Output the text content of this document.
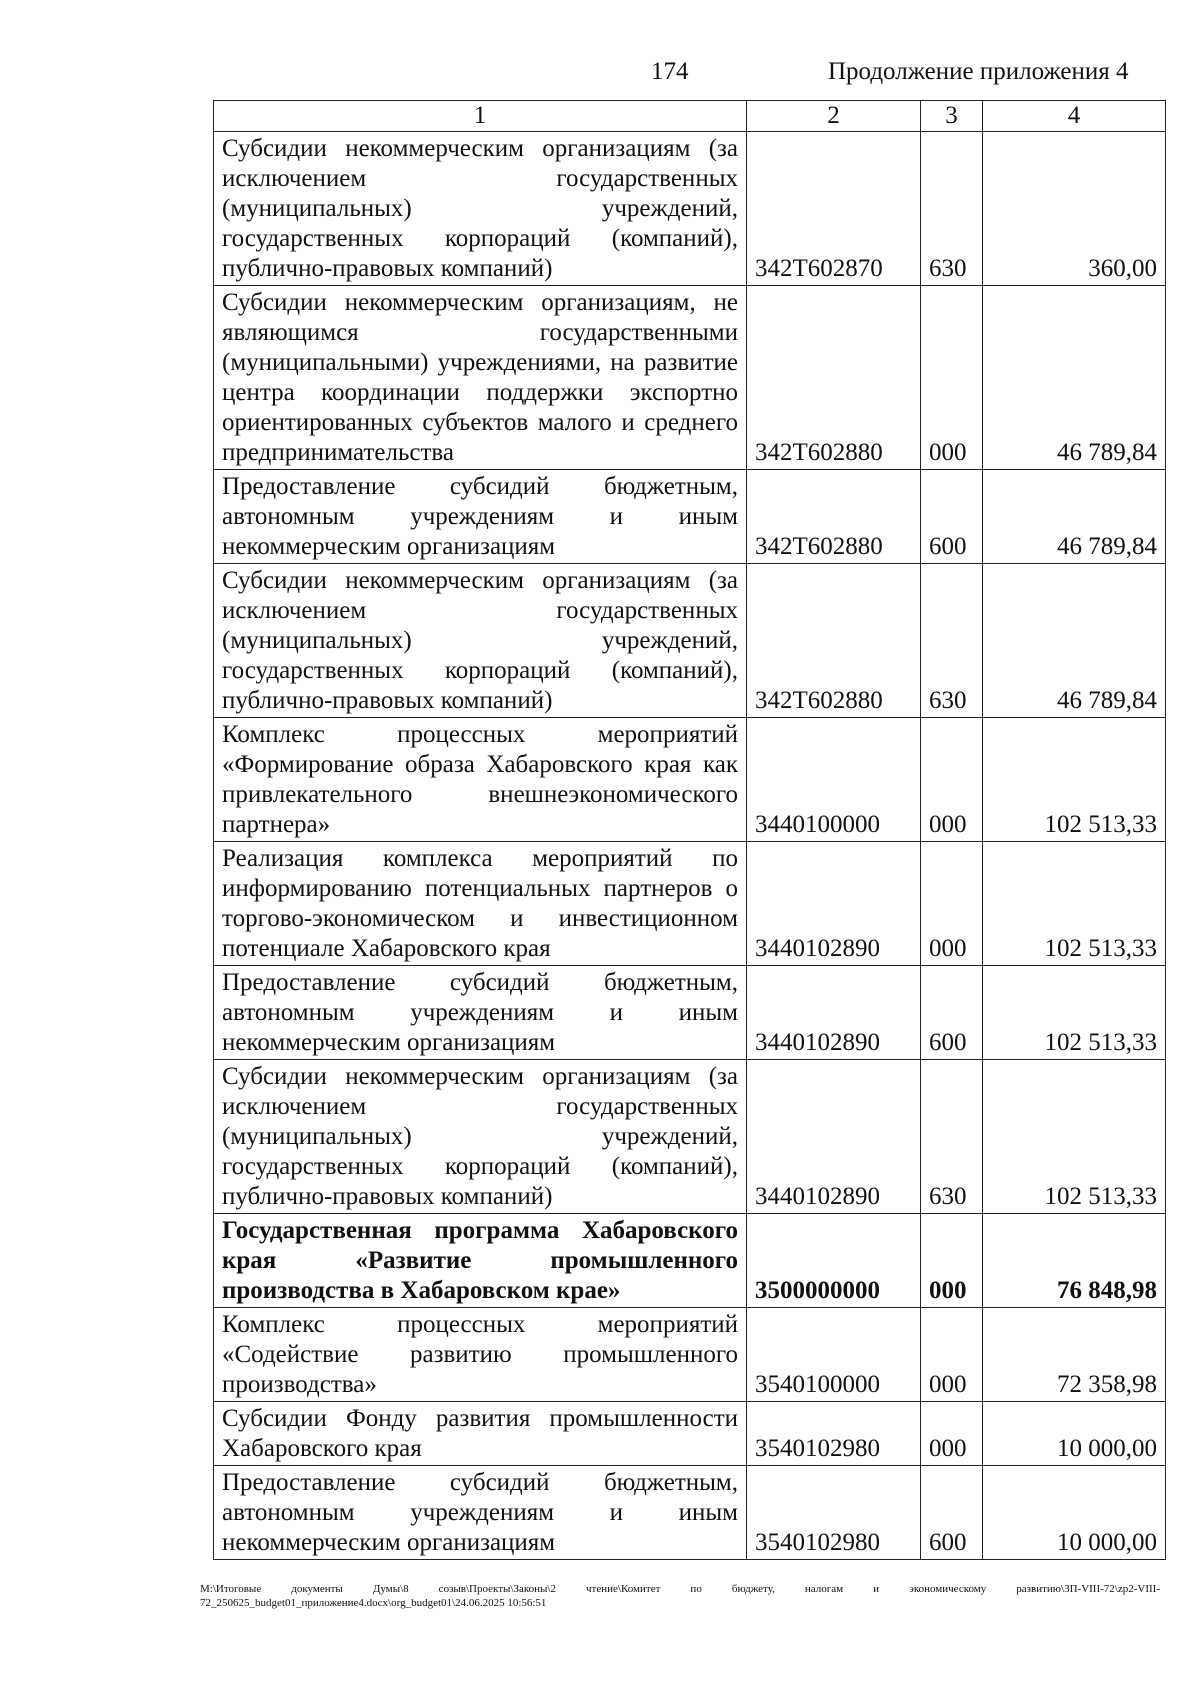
174	Продолжение приложения 4
1	2	3	4
Субсидии некоммерческим организациям (за исключением государственных (муниципальных) учреждений, государственных корпораций (компаний), публично-правовых компаний)	342Т602870	630	360,00
Субсидии некоммерческим организациям, не являющимся государственными (муниципальными) учреждениями, на развитие центра координации поддержки экспортно ориентированных субъектов малого и среднего предпринимательства	342Т602880	000	46 789,84
Предоставление субсидий бюджетным, автономным учреждениям и иным некоммерческим организациям	342Т602880	600	46 789,84
Субсидии некоммерческим организациям (за исключением государственных (муниципальных) учреждений, государственных корпораций (компаний), публично-правовых компаний)	342Т602880	630	46 789,84
Комплекс процессных мероприятий «Формирование образа Хабаровского края как привлекательного внешнеэкономического партнера»	3440100000	000	102 513,33
Реализация комплекса мероприятий по информированию потенциальных партнеров о торгово-экономическом и инвестиционном потенциале Хабаровского края	3440102890	000	102 513,33
Предоставление субсидий бюджетным, автономным учреждениям и иным некоммерческим организациям	3440102890	600	102 513,33
Субсидии некоммерческим организациям (за исключением государственных (муниципальных) учреждений, государственных корпораций (компаний), публично-правовых компаний)	3440102890	630	102 513,33
Государственная программа Хабаровского края «Развитие промышленного производства в Хабаровском крае»	3500000000	000	76 848,98
Комплекс процессных мероприятий «Содействие развитию промышленного производства»	3540100000	000	72 358,98
Субсидии Фонду развития промышленности Хабаровского края	3540102980	000	10 000,00
Предоставление субсидий бюджетным, автономным учреждениям и иным некоммерческим организациям	3540102980	600	10 000,00
М:\Итоговые документы Думы\8 созыв\Проекты\Законы\2 чтение\Комитет по бюджету, налогам и экономическому развитию\ЗП-VIII-72\zp2-VIII-72_250625_budget01_приложение4.docx\org_budget01\24.06.2025 10:56:51
